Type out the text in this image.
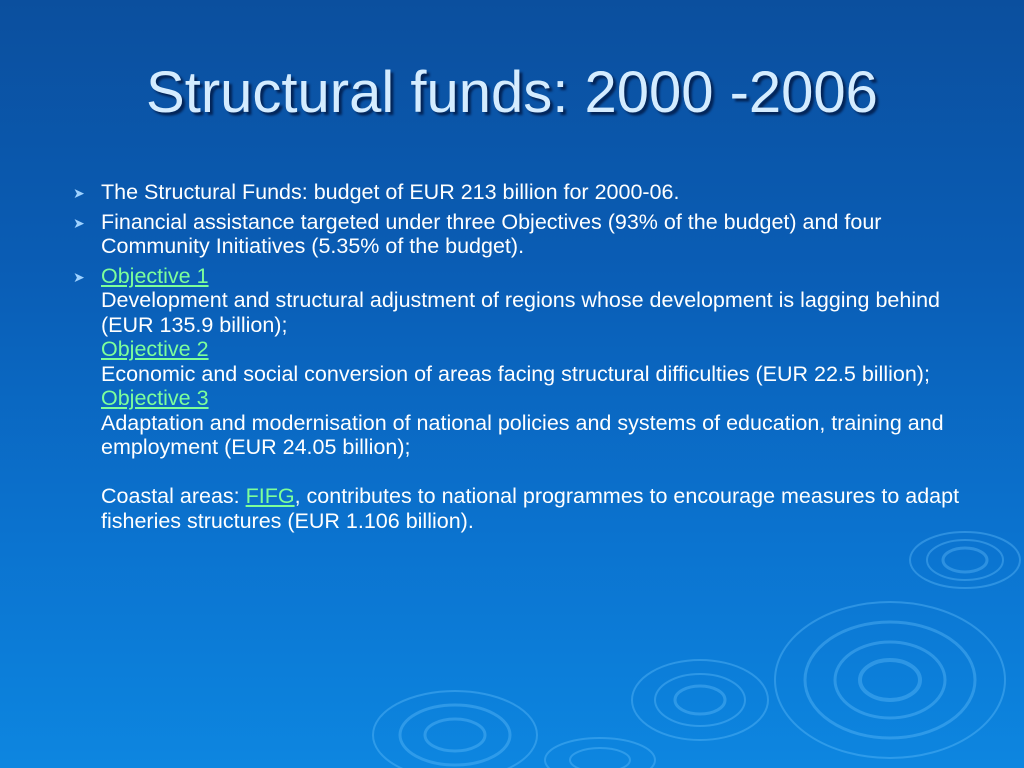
Structural funds: 2000 -2006
➤ The Structural Funds: budget of EUR 213 billion for 2000-06.
➤ Financial assistance targeted under three Objectives (93% of the budget) and four Community Initiatives (5.35% of the budget).
➤ Objective 1
Development and structural adjustment of regions whose development is lagging behind (EUR 135.9 billion);
Objective 2
Economic and social conversion of areas facing structural difficulties (EUR 22.5 billion);
Objective 3
Adaptation and modernisation of national policies and systems of education, training and employment (EUR 24.05 billion);
Coastal areas: FIFG, contributes to national programmes to encourage measures to adapt fisheries structures (EUR 1.106 billion).
